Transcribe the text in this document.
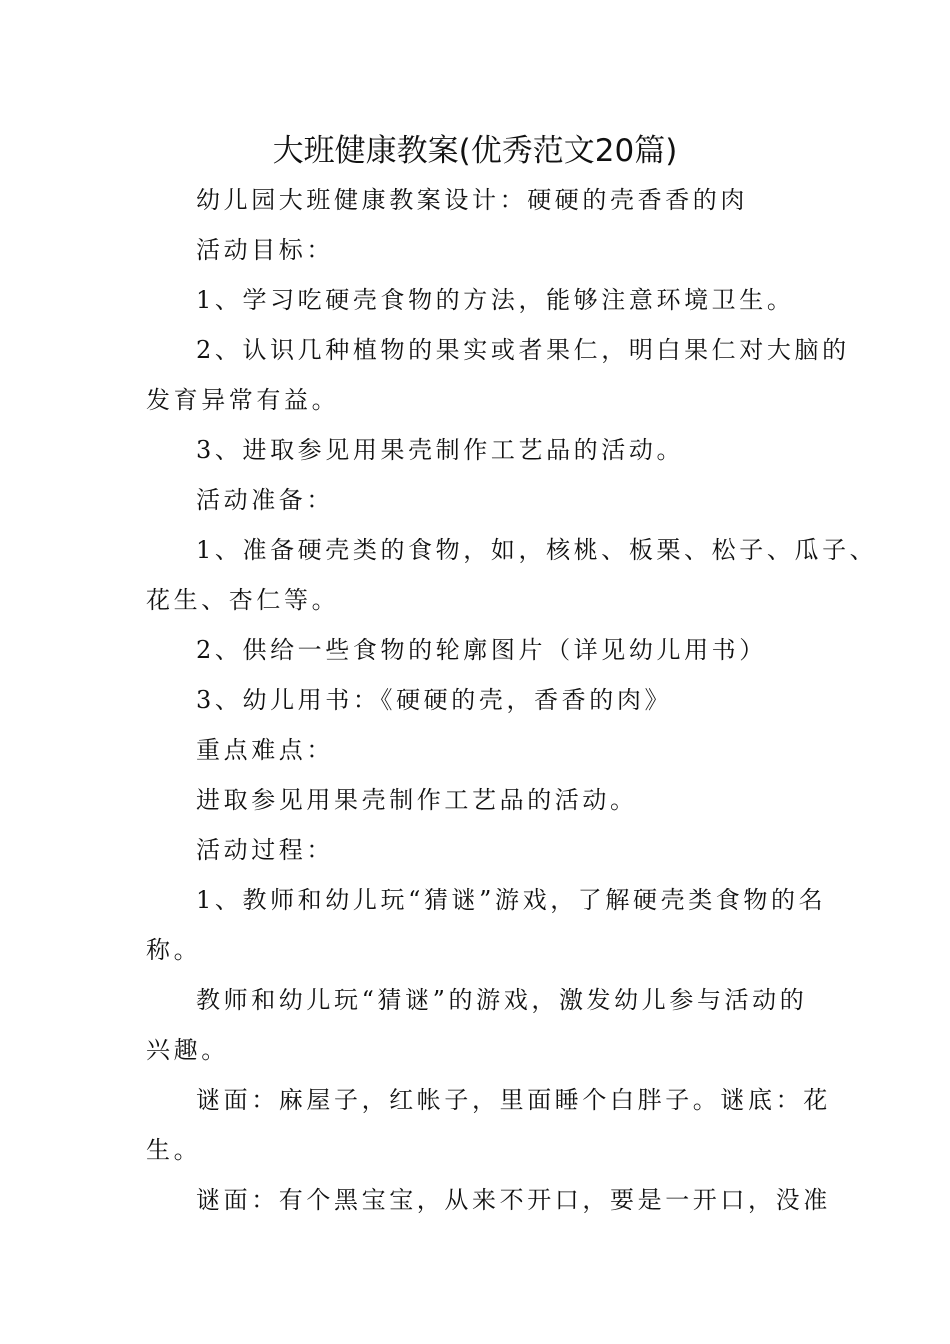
大班健康教案(优秀范文20篇)
幼儿园大班健康教案设计：硬硬的壳香香的肉
活动目标：
1、学习吃硬壳食物的方法，能够注意环境卫生。
2、认识几种植物的果实或者果仁，明白果仁对大脑的
发育异常有益。
3、进取参见用果壳制作工艺品的活动。
活动准备：
1、准备硬壳类的食物，如，核桃、板栗、松子、瓜子、
花生、杏仁等。
2、供给一些食物的轮廓图片（详见幼儿用书）
3、幼儿用书：《硬硬的壳，香香的肉》
重点难点：
进取参见用果壳制作工艺品的活动。
活动过程：
1、教师和幼儿玩“猜谜”游戏，了解硬壳类食物的名
称。
教师和幼儿玩“猜谜”的游戏，激发幼儿参与活动的
兴趣。
谜面：麻屋子，红帐子，里面睡个白胖子。谜底：花
生。
谜面：有个黑宝宝，从来不开口，要是一开口，没准
